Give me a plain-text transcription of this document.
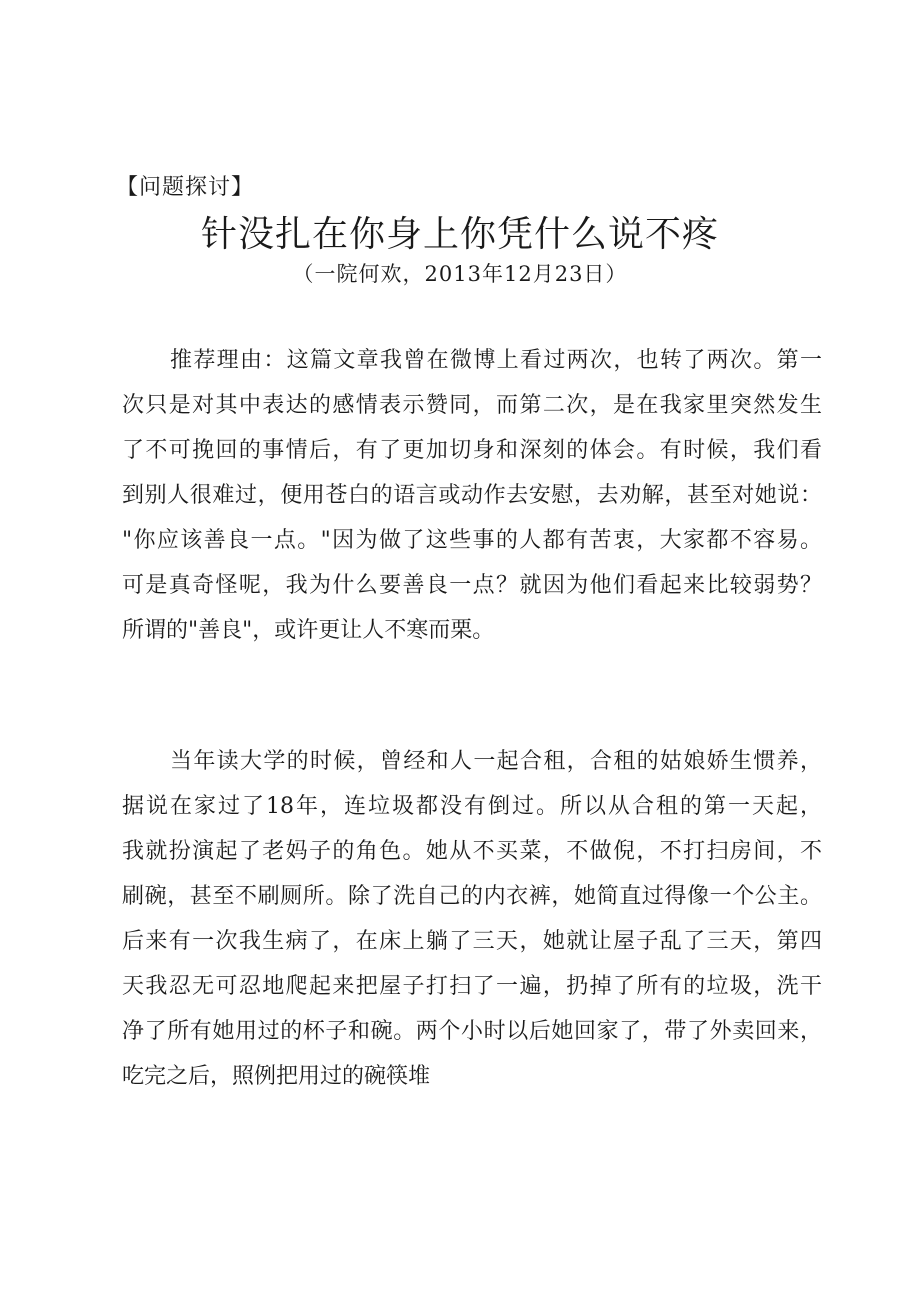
【问题探讨】
针没扎在你身上你凭什么说不疼
（一院何欢，2013年12月23日）
推荐理由：这篇文章我曾在微博上看过两次，也转了两次。第一
次只是对其中表达的感情表示赞同，而第二次，是在我家里突然发生
了不可挽回的事情后，有了更加切身和深刻的体会。有时候，我们看
到别人很难过，便用苍白的语言或动作去安慰，去劝解，甚至对她说：
"你应该善良一点。"因为做了这些事的人都有苦衷，大家都不容易。
可是真奇怪呢，我为什么要善良一点？就因为他们看起来比较弱势？
所谓的"善良"，或许更让人不寒而栗。
当年读大学的时候，曾经和人一起合租，合租的姑娘娇生惯养，
据说在家过了18年，连垃圾都没有倒过。所以从合租的第一天起，
我就扮演起了老妈子的角色。她从不买菜，不做倪，不打扫房间，不
刷碗，甚至不刷厕所。除了洗自己的内衣裤，她简直过得像一个公主。
后来有一次我生病了，在床上躺了三天，她就让屋子乱了三天，第四
天我忍无可忍地爬起来把屋子打扫了一遍，扔掉了所有的垃圾，洗干
净了所有她用过的杯子和碗。两个小时以后她回家了，带了外卖回来，
吃完之后，照例把用过的碗筷堆
